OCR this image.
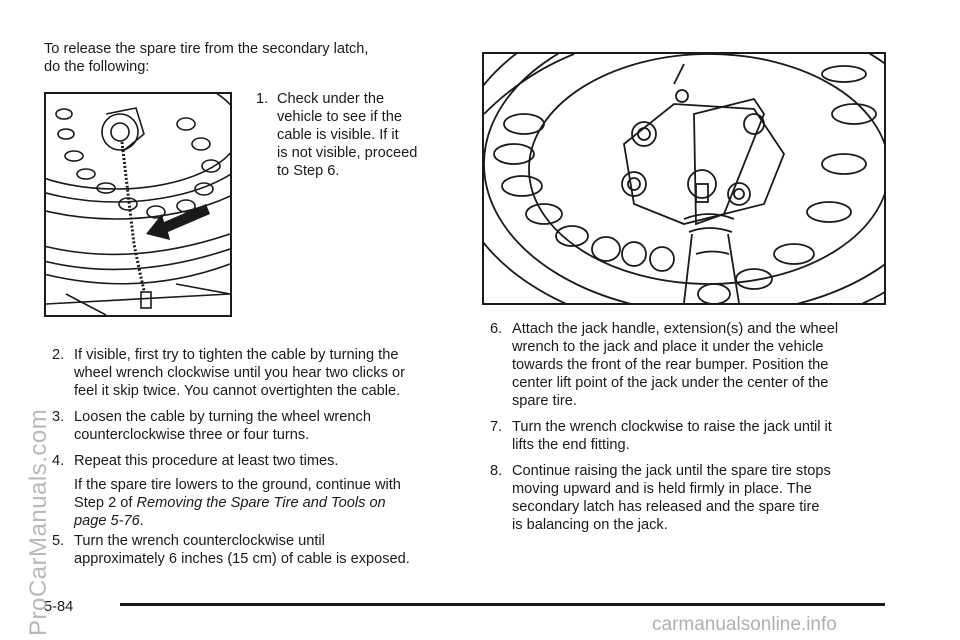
To release the spare tire from the secondary latch,
do the following:
1. Check under the
vehicle to see if the
cable is visible. If it
is not visible, proceed
to Step 6.
2. If visible, first try to tighten the cable by turning the
wheel wrench clockwise until you hear two clicks or
feel it skip twice. You cannot overtighten the cable.
3. Loosen the cable by turning the wheel wrench
counterclockwise three or four turns.
4. Repeat this procedure at least two times.
If the spare tire lowers to the ground, continue with
Step 2 of Removing the Spare Tire and Tools on
page 5-76.
5. Turn the wrench counterclockwise until
approximately 6 inches (15 cm) of cable is exposed.
6. Attach the jack handle, extension(s) and the wheel
wrench to the jack and place it under the vehicle
towards the front of the rear bumper. Position the
center lift point of the jack under the center of the
spare tire.
7. Turn the wrench clockwise to raise the jack until it
lifts the end fitting.
8. Continue raising the jack until the spare tire stops
moving upward and is held firmly in place. The
secondary latch has released and the spare tire
is balancing on the jack.
5-84
carmanualsonline.info
ProCarManuals.com
